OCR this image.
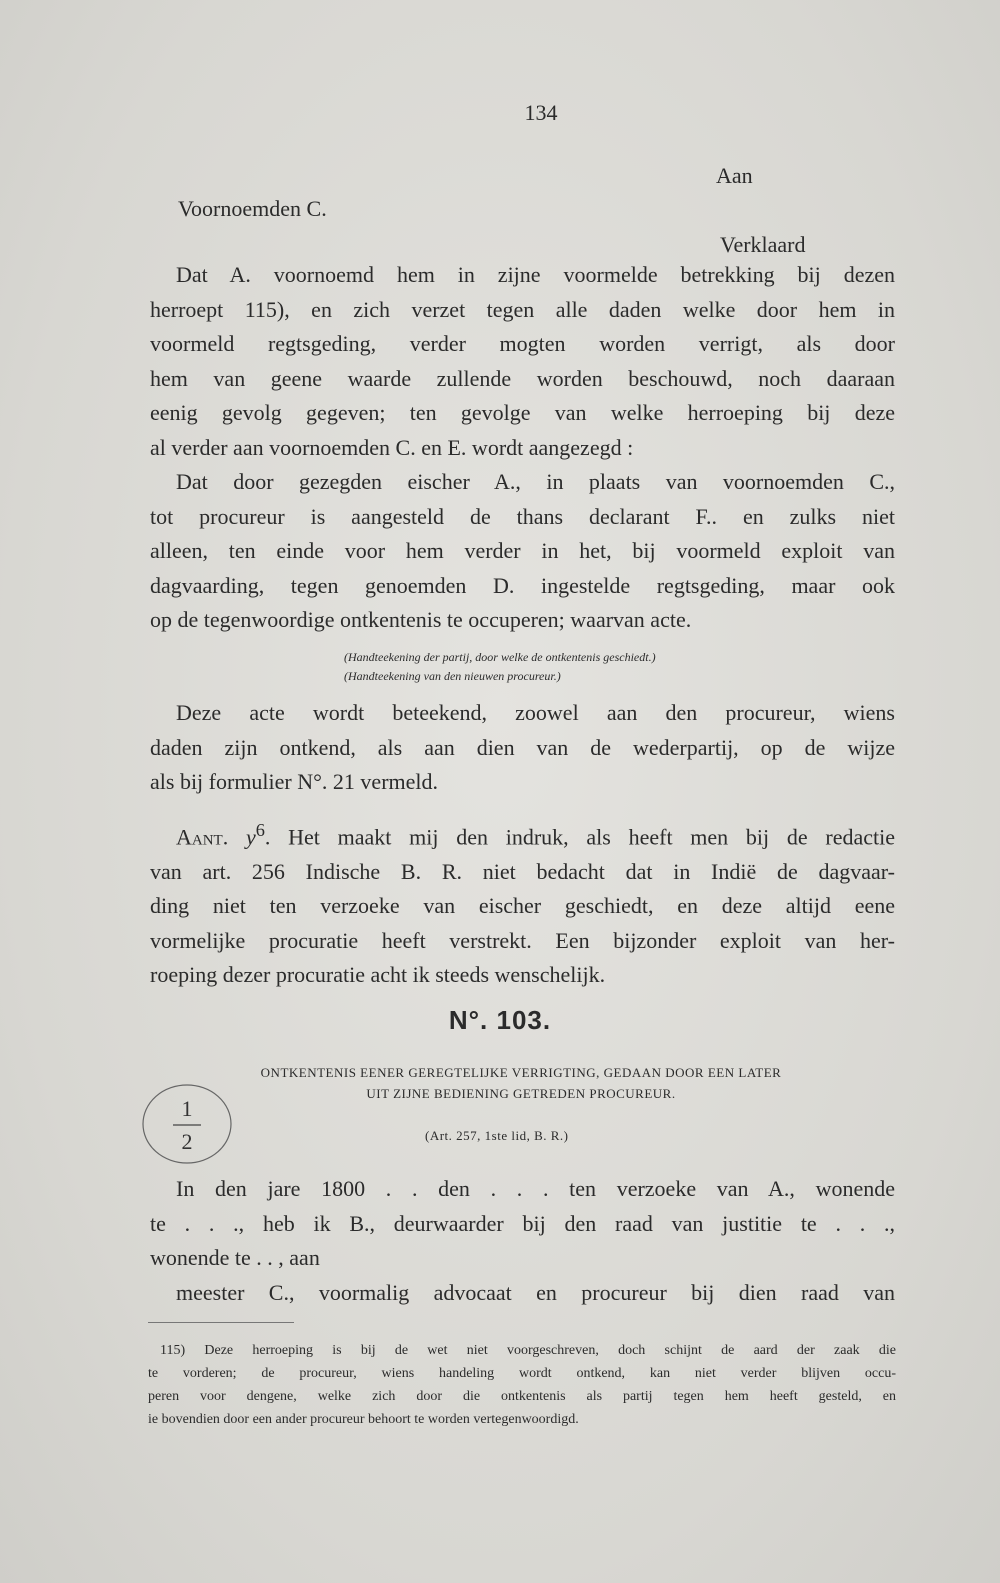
134
Aan
Voornoemden C.
Verklaard
Dat A. voornoemd hem in zijne voormelde betrekking bij dezen
herroept 115), en zich verzet tegen alle daden welke door hem in
voormeld regtsgeding, verder mogten worden verrigt, als door
hem van geene waarde zullende worden beschouwd, noch daaraan
eenig gevolg gegeven; ten gevolge van welke herroeping bij deze
al verder aan voornoemden C. en E. wordt aangezegd :
Dat door gezegden eischer A., in plaats van voornoemden C.,
tot procureur is aangesteld de thans declarant F.. en zulks niet
alleen, ten einde voor hem verder in het, bij voormeld exploit van
dagvaarding, tegen genoemden D. ingestelde regtsgeding, maar ook
op de tegenwoordige ontkentenis te occuperen; waarvan acte.
(Handteekening der partij, door welke de ontkentenis geschiedt.)
(Handteekening van den nieuwen procureur.)
Deze acte wordt beteekend, zoowel aan den procureur, wiens
daden zijn ontkend, als aan dien van de wederpartij, op de wijze
als bij formulier N°. 21 vermeld.
Aant. $y^6$. Het maakt mij den indruk, als heeft men bij de redactie
van art. 256 Indische B. R. niet bedacht dat in Indië de dagvaar-
ding niet ten verzoeke van eischer geschiedt, en deze altijd eene
vormelijke procuratie heeft verstrekt. Een bijzonder exploit van her-
roeping dezer procuratie acht ik steeds wenschelijk.
N°. 103.
ONTKENTENIS EENER GEREGTELIJKE VERRIGTING, GEDAAN DOOR EEN LATER
UIT ZIJNE BEDIENING GETREDEN PROCUREUR.
1
2	(Art. 257, 1ste lid, B. R.)
In den jare 1800 . . den . . . ten verzoeke van A., wonende
te . . ., heb ik B., deurwaarder bij den raad van justitie te . . .,
wonende te . . , aan
meester C., voormalig advocaat en procureur bij dien raad van
115) Deze herroeping is bij de wet niet voorgeschreven, doch schijnt de aard der zaak die
te vorderen; de procureur, wiens handeling wordt ontkend, kan niet verder blijven occu-
peren voor dengene, welke zich door die ontkentenis als partij tegen hem heeft gesteld, en
ie bovendien door een ander procureur behoort te worden vertegenwoordigd.
